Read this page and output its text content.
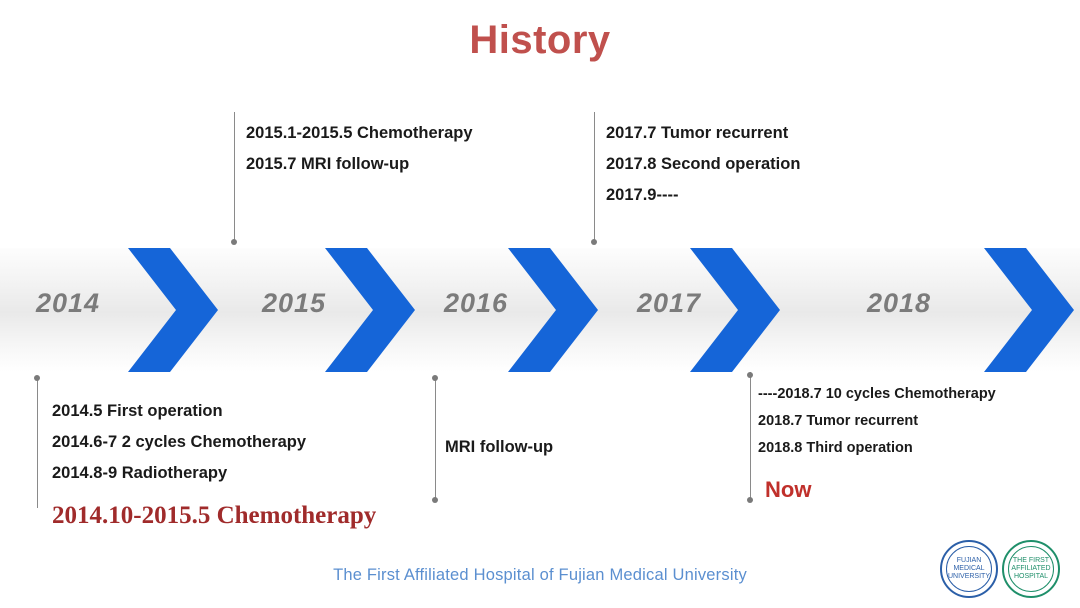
History
2014	2015	2016	2017	2018
2015.1-2015.5 Chemotherapy
2015.7 MRI follow-up
2017.7 Tumor recurrent
2017.8 Second operation
2017.9----
2014.5 First operation
2014.6-7 2 cycles Chemotherapy
2014.8-9 Radiotherapy
2014.10-2015.5 Chemotherapy
MRI follow-up
----2018.7 10 cycles Chemotherapy
2018.7 Tumor recurrent
2018.8 Third operation
Now
The First Affiliated Hospital of Fujian Medical University
FUJIAN MEDICAL UNIVERSITY
THE FIRST AFFILIATED HOSPITAL
